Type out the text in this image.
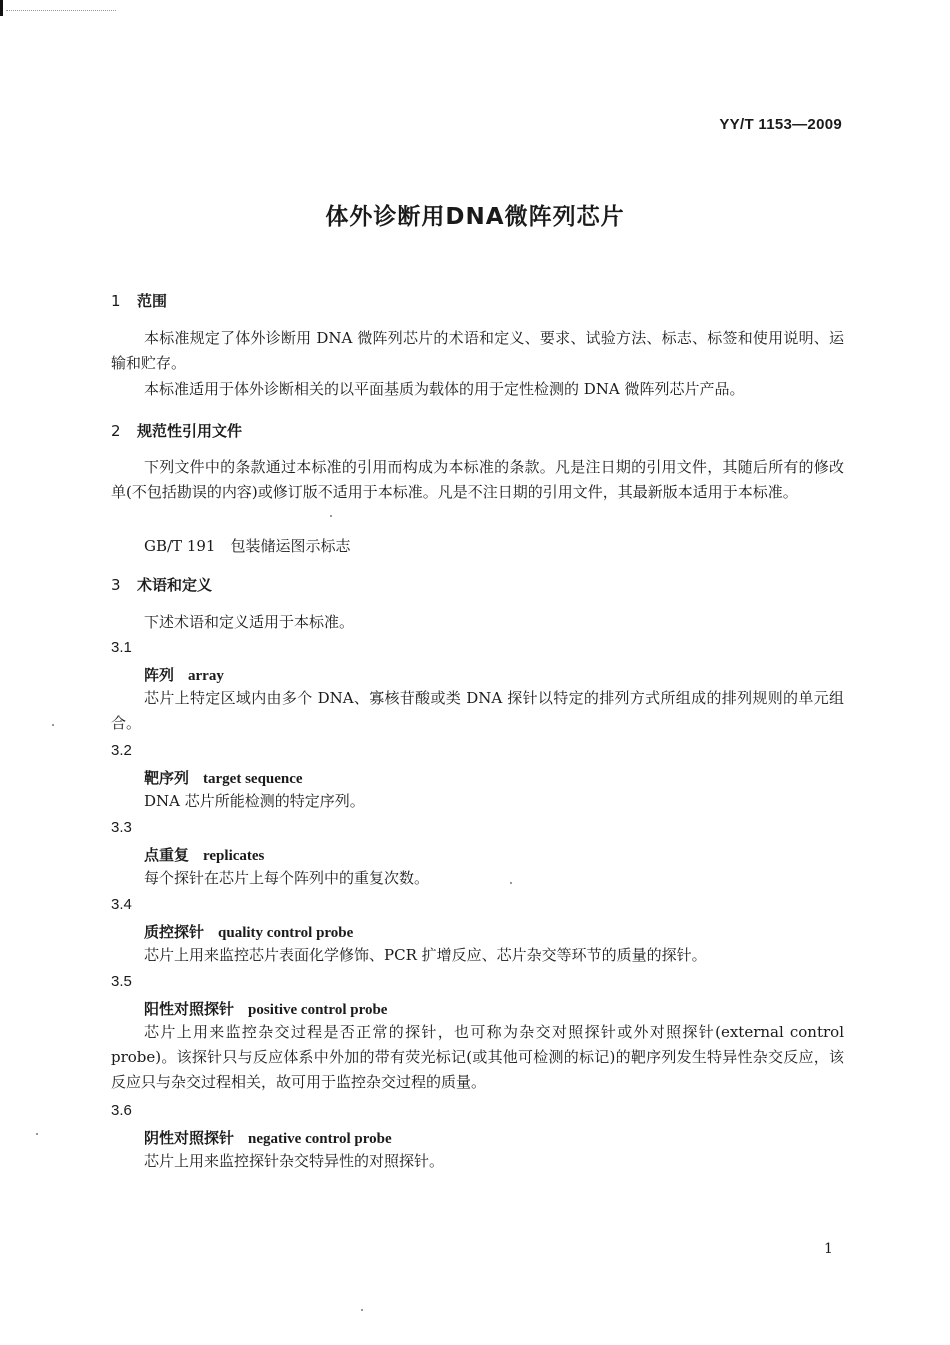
YY/T 1153—2009
体外诊断用DNA微阵列芯片
1 范围
本标准规定了体外诊断用 DNA 微阵列芯片的术语和定义、要求、试验方法、标志、标签和使用说明、运输和贮存。
本标准适用于体外诊断相关的以平面基质为载体的用于定性检测的 DNA 微阵列芯片产品。
2 规范性引用文件
下列文件中的条款通过本标准的引用而构成为本标准的条款。凡是注日期的引用文件，其随后所有的修改单(不包括勘误的内容)或修订版不适用于本标准。凡是不注日期的引用文件，其最新版本适用于本标准。
GB/T 191　包装储运图示标志
3 术语和定义
下述术语和定义适用于本标准。
3.1
阵列 array
芯片上特定区域内由多个 DNA、寡核苷酸或类 DNA 探针以特定的排列方式所组成的排列规则的单元组合。
3.2
靶序列 target sequence
DNA 芯片所能检测的特定序列。
3.3
点重复 replicates
每个探针在芯片上每个阵列中的重复次数。
3.4
质控探针 quality control probe
芯片上用来监控芯片表面化学修饰、PCR 扩增反应、芯片杂交等环节的质量的探针。
3.5
阳性对照探针 positive control probe
芯片上用来监控杂交过程是否正常的探针，也可称为杂交对照探针或外对照探针(external control probe)。该探针只与反应体系中外加的带有荧光标记(或其他可检测的标记)的靶序列发生特异性杂交反应，该反应只与杂交过程相关，故可用于监控杂交过程的质量。
3.6
阴性对照探针 negative control probe
芯片上用来监控探针杂交特异性的对照探针。
1
